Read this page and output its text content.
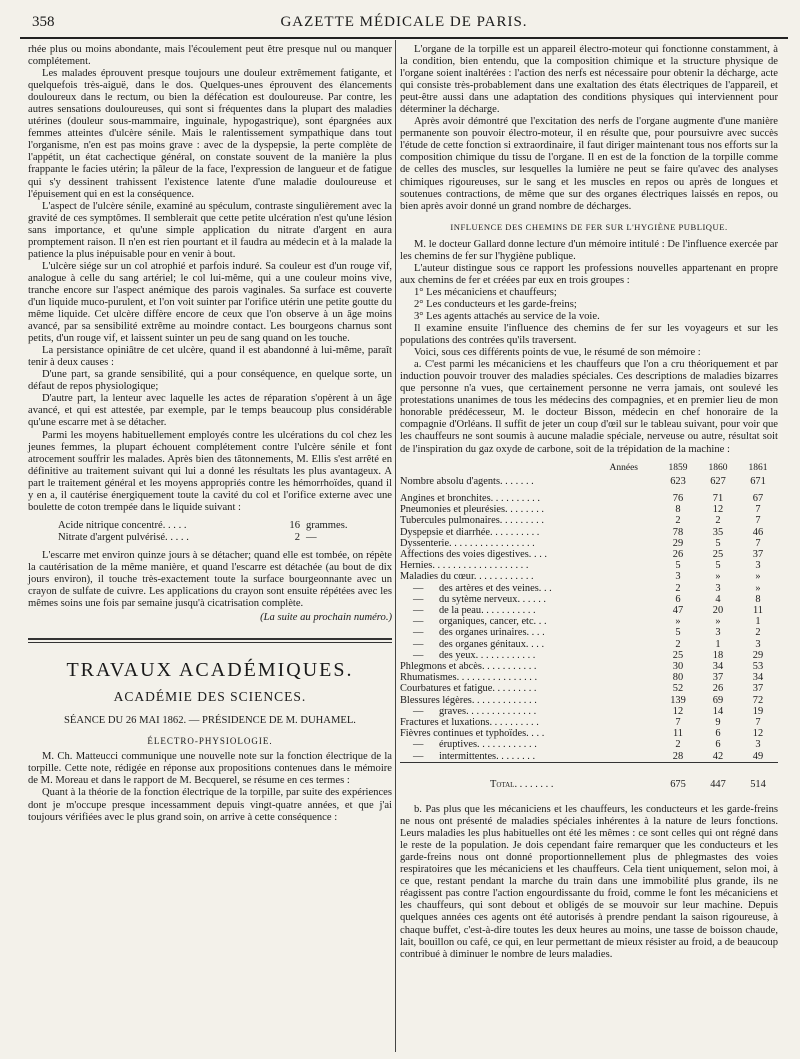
358	GAZETTE MÉDICALE DE PARIS.

rhée plus ou moins abondante, mais l'écoulement peut être presque nul ou manquer complétement.

Les malades éprouvent presque toujours une douleur extrêmement fatigante, et quelquefois très-aiguë, dans le dos. Quelques-unes éprouvent des élancements douloureux dans le rectum, ou bien la défécation est douloureuse. Par contre, les autres sensations douloureuses, qui sont si fréquentes dans la plupart des maladies utérines (douleur sous-mammaire, inguinale, hypogastrique), sont épargnées aux femmes atteintes d'ulcère sénile. Mais le ralentissement sympathique dans tout l'organisme, n'en est pas moins grave : avec de la dyspepsie, la perte complète de l'appétit, un état cachectique général, on constate souvent de la manière la plus frappante le facies utérin; la pâleur de la face, l'expression de langueur et de fatigue qui s'y dessinent trahissent l'existence latente d'une maladie douloureuse et l'épuisement qui en est la conséquence.

L'aspect de l'ulcère sénile, examiné au spéculum, contraste singulièrement avec la gravité de ces symptômes. Il semblerait que cette petite ulcération n'est qu'une lésion sans importance, et qu'une simple application du nitrate d'argent en aura promptement raison. Il n'en est rien pourtant et il faudra au médecin et à la malade la patience la plus inépuisable pour en venir à bout.

L'ulcère siége sur un col atrophié et parfois induré. Sa couleur est d'un rouge vif, analogue à celle du sang artériel; le col lui-même, qui a une couleur moins vive, tranche encore sur l'aspect anémique des parois vaginales. Sa surface est couverte d'un liquide muco-purulent, et l'on voit suinter par l'orifice utérin une petite goutte du même liquide. Cet ulcère diffère encore de ceux que l'on observe à un âge moins avancé, par sa sensibilité extrême au moindre contact. Les bourgeons charnus sont petits, d'un rouge vif, et laissent suinter un peu de sang quand on les touche.

La persistance opiniâtre de cet ulcère, quand il est abandonné à lui-même, paraît tenir à deux causes :

D'une part, sa grande sensibilité, qui a pour conséquence, en quelque sorte, un défaut de repos physiologique;

D'autre part, la lenteur avec laquelle les actes de réparation s'opèrent à un âge avancé, et qui est attestée, par exemple, par le temps beaucoup plus considérable qu'une escarre met à se détacher.

Parmi les moyens habituellement employés contre les ulcérations du col chez les jeunes femmes, la plupart échouent complétement contre l'ulcère sénile et font atrocement souffrir les malades. Après bien des tâtonnements, M. Ellis s'est arrêté en définitive au traitement suivant qui lui a donné les résultats les plus avantageux. A part le traitement général et les moyens appropriés contre les hémorrhoïdes, quand il y en a, il cautérise énergiquement toute la cavité du col et l'orifice externe avec une boulette de coton trempée dans le liquide suivant :

Acide nitrique concentré. . . . .	16 grammes.
Nitrate d'argent pulvérisé. . . . .	2 —

L'escarre met environ quinze jours à se détacher; quand elle est tombée, on répète la cautérisation de la même manière, et quand l'escarre est détachée (au bout de dix jours environ), il touche très-exactement toute la surface bourgeonnante avec un crayon de sulfate de cuivre. Les applications du crayon sont ensuite répétées avec les mêmes soins une fois par semaine jusqu'à cicatrisation complète.

(La suite au prochain numéro.)

TRAVAUX ACADÉMIQUES.

ACADÉMIE DES SCIENCES.

SÉANCE DU 26 MAI 1862. — PRÉSIDENCE DE M. DUHAMEL.

ÉLECTRO-PHYSIOLOGIE.

M. Ch. Matteucci communique une nouvelle note sur la fonction électrique de la torpille. Cette note, rédigée en réponse aux propositions contenues dans le mémoire de M. Moreau et dans le rapport de M. Becquerel, se résume en ces termes :

Quant à la théorie de la fonction électrique de la torpille, par suite des expériences dont je m'occupe presque incessamment depuis vingt-quatre années, et que j'ai toujours vérifiées avec le plus grand soin, on arrive à cette conséquence :

L'organe de la torpille est un appareil électro-moteur qui fonctionne constamment, à la condition, bien entendu, que la composition chimique et la structure physique de l'organe soient inaltérées : l'action des nerfs est nécessaire pour obtenir la décharge, acte qui consiste très-probablement dans une exaltation des états électriques de l'appareil, et peut-être aussi dans une adaptation des conditions physiques qui interviennent pour déterminer la décharge.

Après avoir démontré que l'excitation des nerfs de l'organe augmente d'une manière permanente son pouvoir électro-moteur, il en résulte que, pour poursuivre avec succès l'étude de cette fonction si extraordinaire, il faut diriger maintenant tous nos efforts sur la composition chimique du tissu de l'organe. Il en est de la fonction de la torpille comme de celles des muscles, sur lesquelles la lumière ne peut se faire qu'avec des analyses chimiques rigoureuses, sur le sang et les muscles en repos ou après de longues et soutenues contractions, de même que sur des organes électriques laissés en repos, ou bien après avoir donné un grand nombre de décharges.

INFLUENCE DES CHEMINS DE FER SUR L'HYGIÈNE PUBLIQUE.

M. le docteur Gallard donne lecture d'un mémoire intitulé : De l'influence exercée par les chemins de fer sur l'hygiène publique.

L'auteur distingue sous ce rapport les professions nouvelles appartenant en propre aux chemins de fer et créées par eux en trois groupes :

1° Les mécaniciens et chauffeurs;

2° Les conducteurs et les garde-freins;

3° Les agents attachés au service de la voie.

Il examine ensuite l'influence des chemins de fer sur les voyageurs et sur les populations des contrées qu'ils traversent.

Voici, sous ces différents points de vue, le résumé de son mémoire :

a. C'est parmi les mécaniciens et les chauffeurs que l'on a cru théoriquement et par induction pouvoir trouver des maladies spéciales. Ces descriptions de maladies bizarres que personne n'a vues, que certainement personne ne verra jamais, ont soulevé les protestations unanimes de tous les médecins des compagnies, et en premier lieu de mon honorable prédécesseur, M. le docteur Bisson, médecin en chef honoraire de la compagnie d'Orléans. Il suffit de jeter un coup d'œil sur le tableau suivant, pour voir que les chauffeurs ne sont soumis à aucune maladie spéciale, nerveuse ou autre, résultat soit de l'inspiration du gaz oxyde de carbone, soit de la trépidation de la machine :

Années	1859	1860	1861
Nombre absolu d'agents. . . . . . .	623	627	671

Angines et bronchites. . . . . . . . . .	76	71	67
Pneumonies et pleurésies. . . . . . . .	8	12	7
Tubercules pulmonaires. . . . . . . . .	2	2	7
Dyspepsie et diarrhée. . . . . . . . . .	78	35	46
Dyssenterie. . . . . . . . . . . . . . . . .	29	5	7
Affections des voies digestives. . . .	26	25	37
Hernies. . . . . . . . . . . . . . . . . . .	5	5	3
Maladies du cœur. . . . . . . . . . . .	3	»	»
—      des artères et des veines. . .	2	3	»
—      du sytème nerveux. . . . . .	6	4	8
—      de la peau. . . . . . . . . . .	47	20	11
—      organiques, cancer, etc. . .	»	»	1
—      des organes urinaires. . . .	5	3	2
—      des organes génitaux. . . .	2	1	3
—      des yeux. . . . . . . . . . . .	25	18	29
Phlegmons et abcès. . . . . . . . . . .	30	34	53
Rhumatismes. . . . . . . . . . . . . . . .	80	37	34
Courbatures et fatigue. . . . . . . . .	52	26	37
Blessures légères. . . . . . . . . . . . .	139	69	72
—      graves. . . . . . . . . . . . . .	12	14	19
Fractures et luxations. . . . . . . . . .	7	9	7
Fièvres continues et typhoïdes. . . .	11	6	12
—      éruptives. . . . . . . . . . . .	2	6	3
—      intermittentes. . . . . . . .	28	42	49

Total. . . . . . . .	675	447	514

b. Pas plus que les mécaniciens et les chauffeurs, les conducteurs et les garde-freins ne nous ont présenté de maladies spéciales inhérentes à la nature de leurs fonctions. Leurs maladies les plus habituelles ont été les mêmes : ce sont celles qui ont régné dans le reste de la population. Je dois cependant faire remarquer que les conducteurs et les garde-freins nous ont donné proportionnellement plus de phlegmastes des voies respiratoires que les mécaniciens et les chauffeurs. Cela tient uniquement, selon moi, à ce que, restant pendant la marche du train dans une immobilité plus grande, ils ne réagissent pas contre l'action engourdissante du froid, comme le font les mécaniciens et les chauffeurs, qui sont debout et obligés de se mouvoir sur leur machine. Depuis quelques années ces agents ont été autorisés à prendre pendant la saison rigoureuse, à chaque buffet, c'est-à-dire toutes les deux heures au moins, une tasse de boisson chaude, lait, bouillon ou café, ce qui, en leur permettant de mieux résister au froid, a de beaucoup contribué à diminuer le nombre de leurs maladies.
